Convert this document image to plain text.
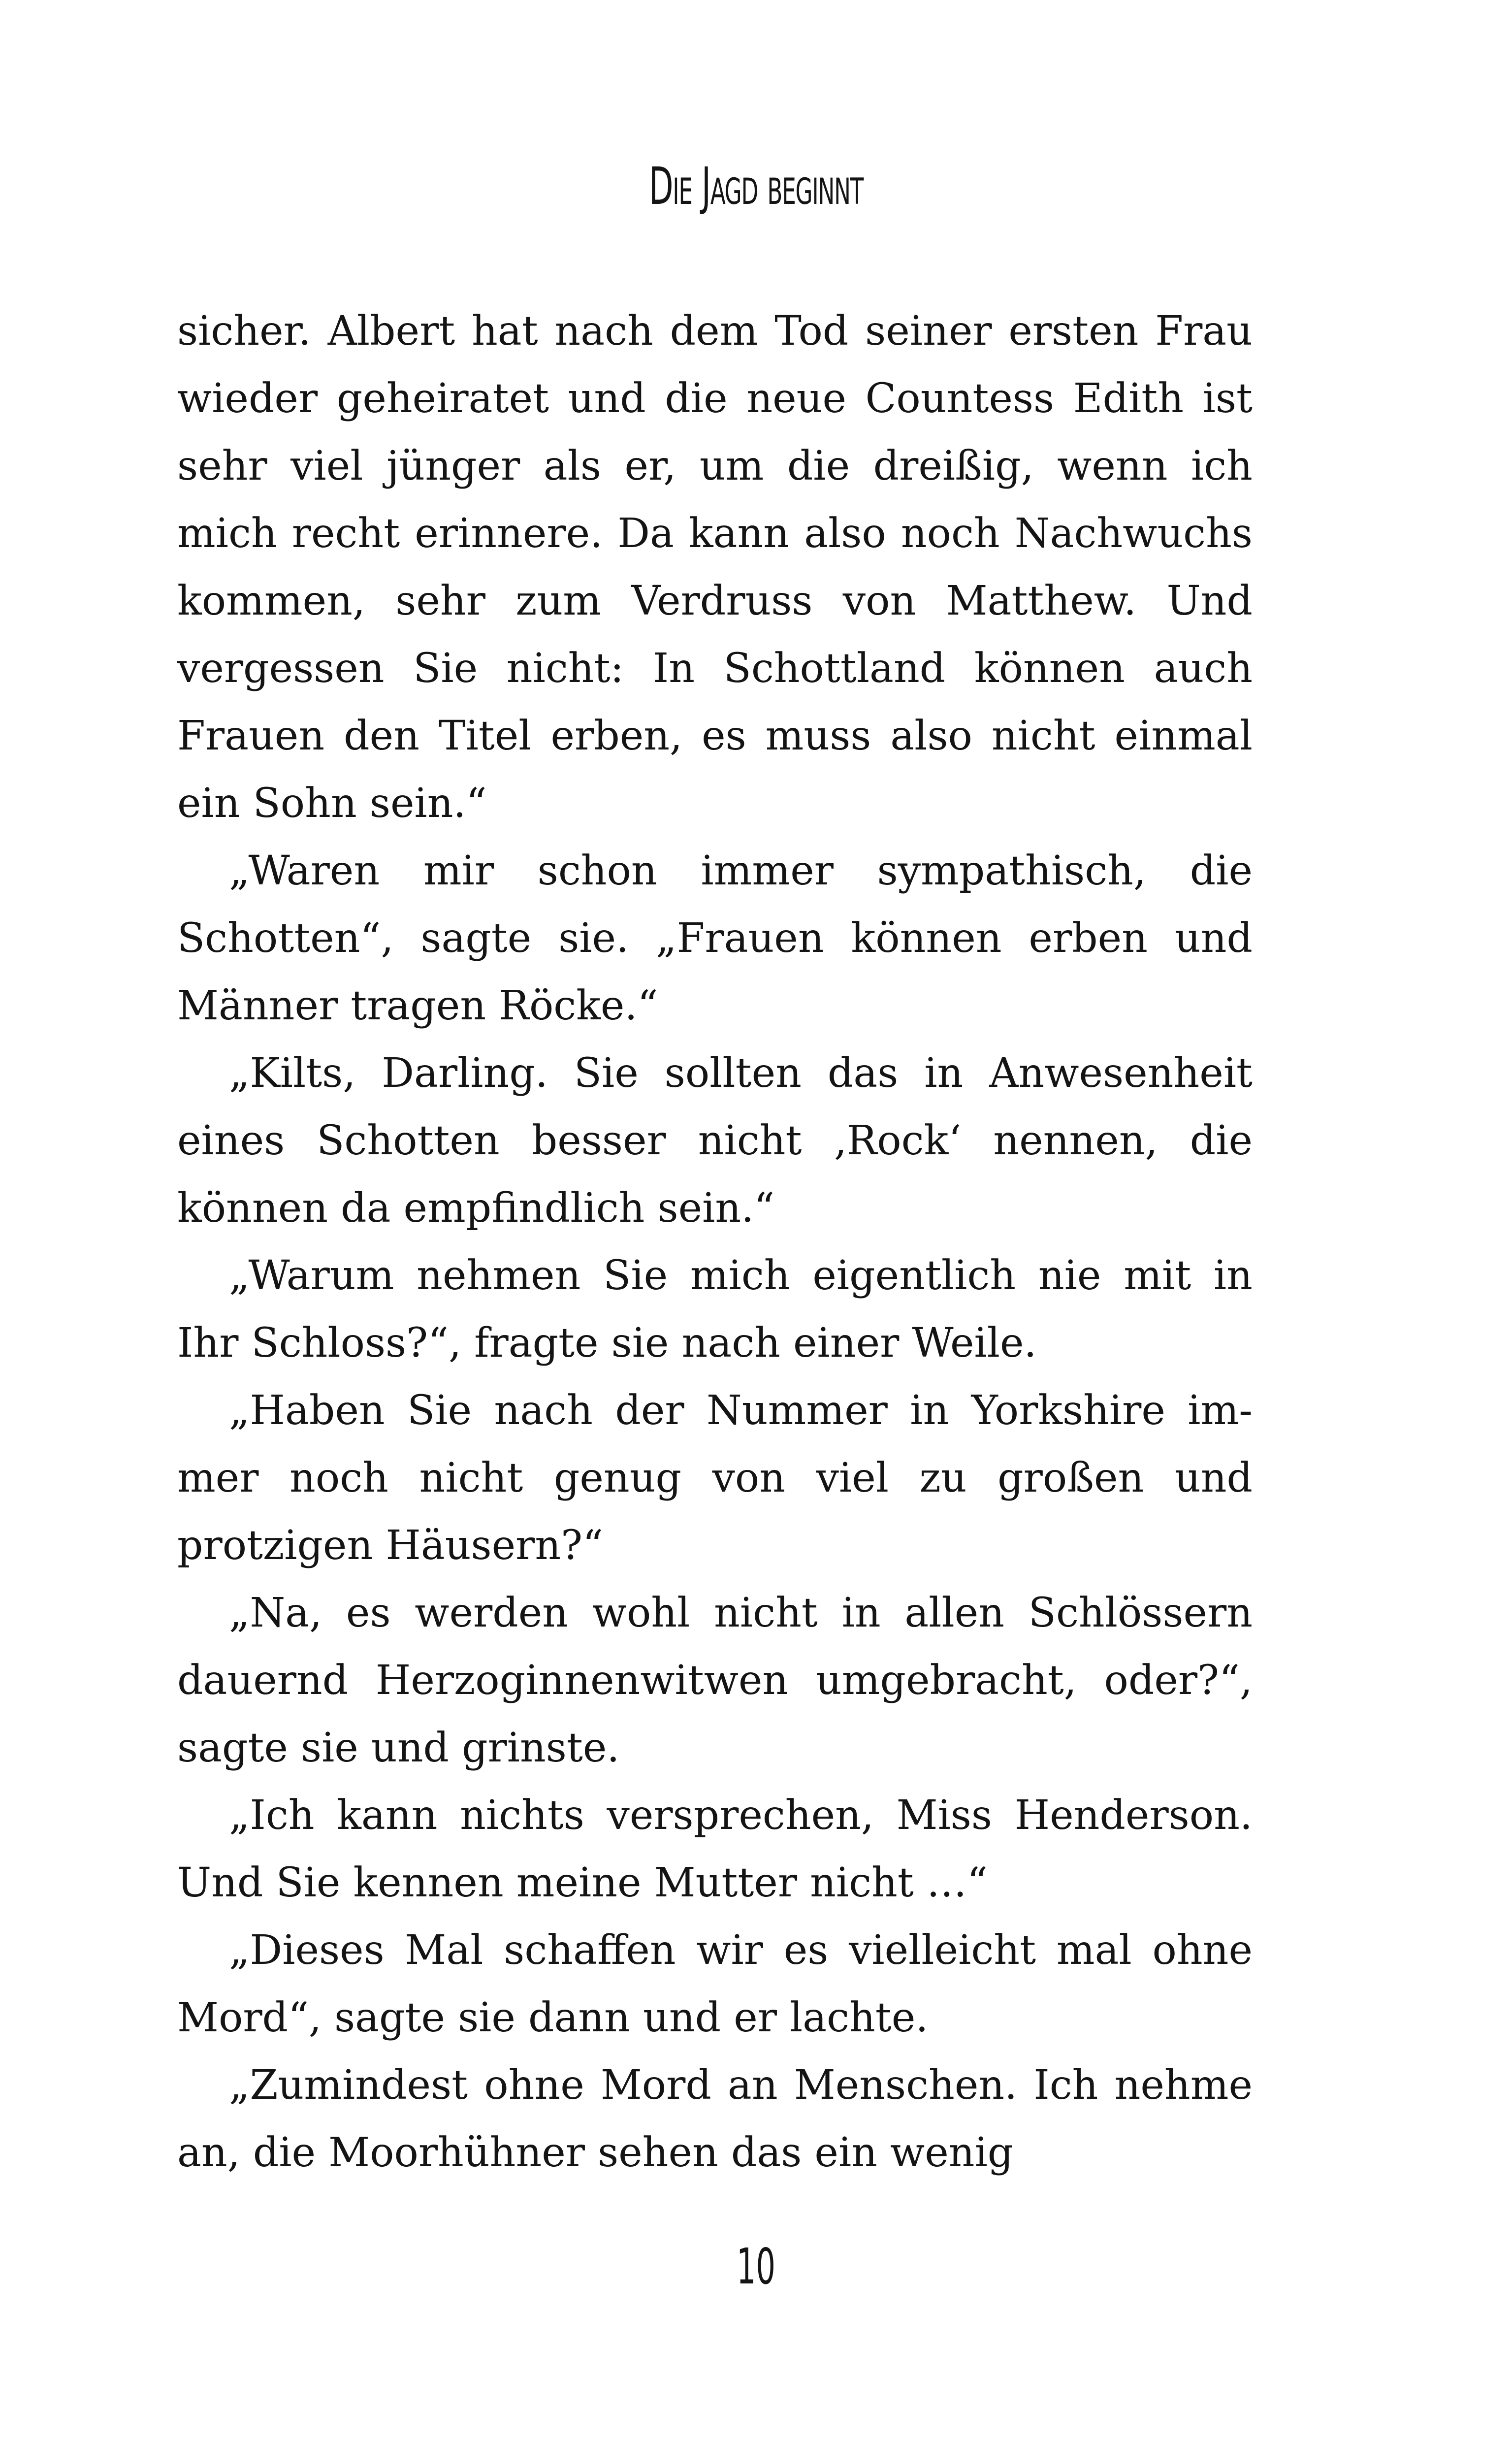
Die Jagd beginnt

sicher. Albert hat nach dem Tod seiner ersten Frau wieder geheiratet und die neue Countess Edith ist sehr viel jünger als er, um die dreißig, wenn ich mich recht erinnere. Da kann also noch Nachwuchs kommen, sehr zum Verdruss von Matthew. Und vergessen Sie nicht: In Schottland können auch Frauen den Titel erben, es muss also nicht einmal ein Sohn sein.“

„Waren mir schon immer sympathisch, die Schotten“, sagte sie. „Frauen können erben und Männer tragen Röcke.“

„Kilts, Darling. Sie sollten das in Anwesenheit eines Schotten besser nicht ‚Rock‘ nennen, die können da empfindlich sein.“

„Warum nehmen Sie mich eigentlich nie mit in Ihr Schloss?“, fragte sie nach einer Weile.

„Haben Sie nach der Nummer in Yorkshire immer noch nicht genug von viel zu großen und protzigen Häusern?“

„Na, es werden wohl nicht in allen Schlössern dauernd Herzoginnenwitwen umgebracht, oder?“, sagte sie und grinste.

„Ich kann nichts versprechen, Miss Henderson. Und Sie kennen meine Mutter nicht …“

„Dieses Mal schaffen wir es vielleicht mal ohne Mord“, sagte sie dann und er lachte.

„Zumindest ohne Mord an Menschen. Ich nehme an, die Moorhühner sehen das ein wenig

10
